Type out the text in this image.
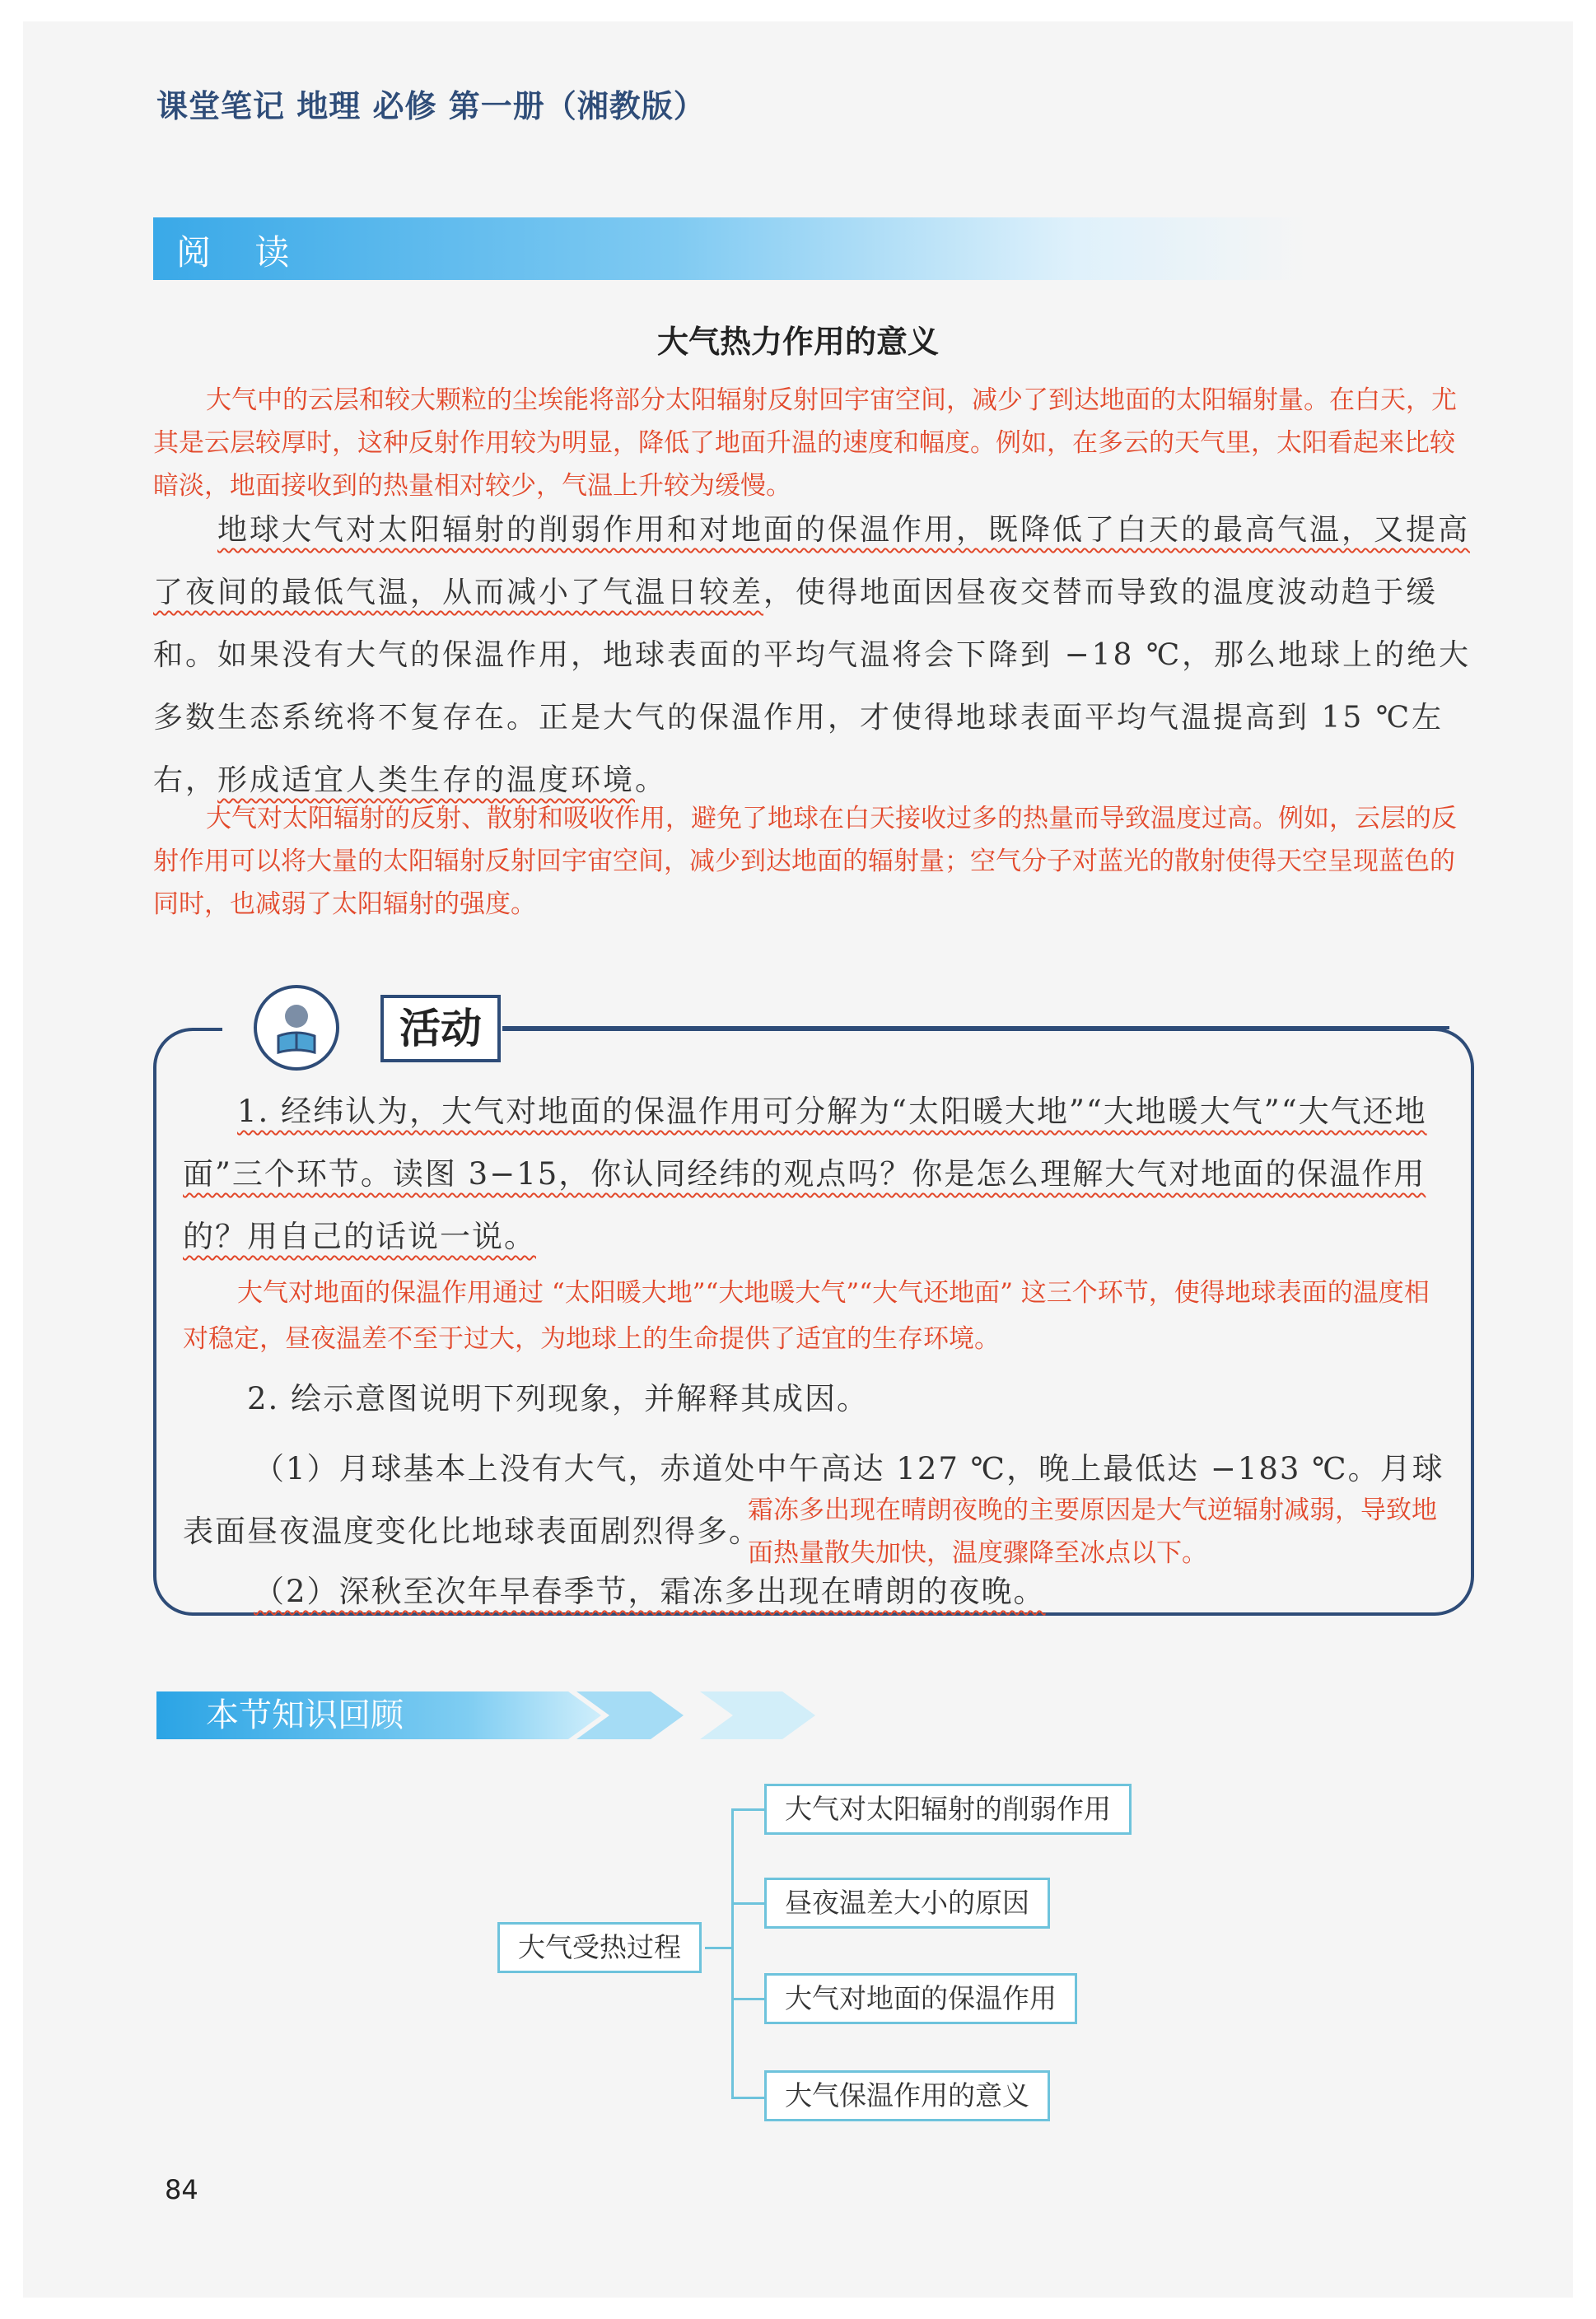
课堂笔记 地理 必修 第一册（湘教版）
阅 读
大气热力作用的意义
大气中的云层和较大颗粒的尘埃能将部分太阳辐射反射回宇宙空间，减少了到达地面的太阳辐射量。在白天，尤其是云层较厚时，这种反射作用较为明显，降低了地面升温的速度和幅度。例如，在多云的天气里，太阳看起来比较暗淡，地面接收到的热量相对较少，气温上升较为缓慢。
地球大气对太阳辐射的削弱作用和对地面的保温作用，既降低了白天的最高气温，又提高了夜间的最低气温，从而减小了气温日较差，使得地面因昼夜交替而导致的温度波动趋于缓和。如果没有大气的保温作用，地球表面的平均气温将会下降到 −18 ℃，那么地球上的绝大多数生态系统将不复存在。正是大气的保温作用，才使得地球表面平均气温提高到 15 ℃左右，形成适宜人类生存的温度环境。
大气对太阳辐射的反射、散射和吸收作用，避免了地球在白天接收过多的热量而导致温度过高。例如，云层的反射作用可以将大量的太阳辐射反射回宇宙空间，减少到达地面的辐射量；空气分子对蓝光的散射使得天空呈现蓝色的同时，也减弱了太阳辐射的强度。
活动
1. 经纬认为，大气对地面的保温作用可分解为“太阳暖大地”“大地暖大气”“大气还地面”三个环节。读图 3−15，你认同经纬的观点吗？你是怎么理解大气对地面的保温作用的？用自己的话说一说。
大气对地面的保温作用通过 “太阳暖大地”“大地暖大气”“大气还地面” 这三个环节，使得地球表面的温度相对稳定，昼夜温差不至于过大，为地球上的生命提供了适宜的生存环境。
2. 绘示意图说明下列现象，并解释其成因。
（1）月球基本上没有大气，赤道处中午高达 127 ℃，晚上最低达 −183 ℃。月球表面昼夜温度变化比地球表面剧烈得多。
霜冻多出现在晴朗夜晚的主要原因是大气逆辐射减弱，导致地面热量散失加快，温度骤降至冰点以下。
（2）深秋至次年早春季节，霜冻多出现在晴朗的夜晚。
本节知识回顾
大气受热过程
大气对太阳辐射的削弱作用
昼夜温差大小的原因
大气对地面的保温作用
大气保温作用的意义
84
